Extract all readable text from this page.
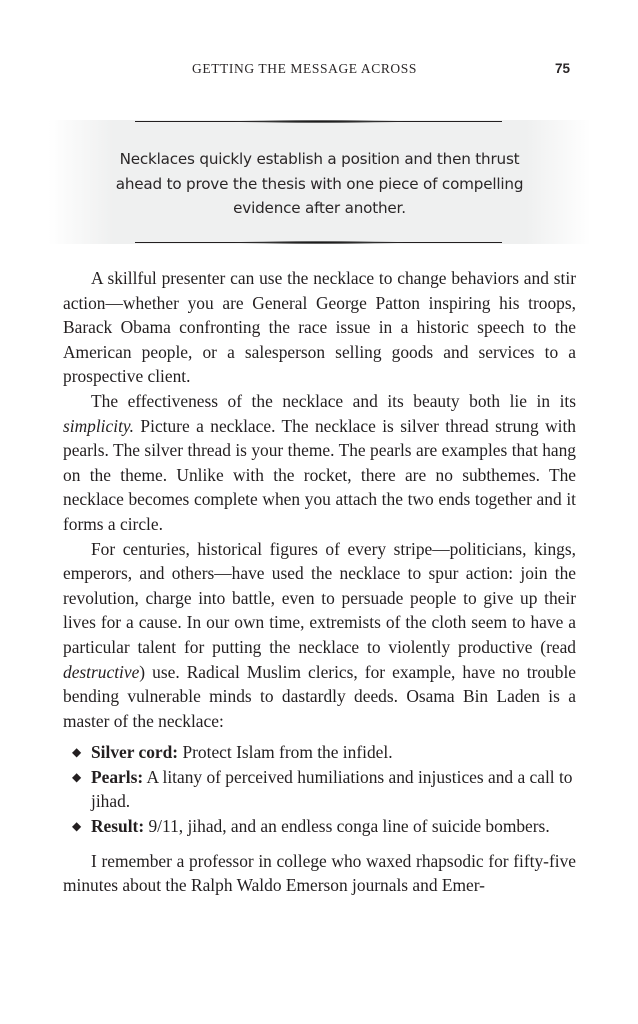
GETTING THE MESSAGE ACROSS	75
Necklaces quickly establish a position and then thrust ahead to prove the thesis with one piece of compelling evidence after another.

A skillful presenter can use the necklace to change behaviors and stir action—whether you are General George Patton inspiring his troops, Barack Obama confronting the race issue in a historic speech to the American people, or a salesperson selling goods and services to a prospective client.

The effectiveness of the necklace and its beauty both lie in its simplicity. Picture a necklace. The necklace is silver thread strung with pearls. The silver thread is your theme. The pearls are examples that hang on the theme. Unlike with the rocket, there are no subthemes. The necklace becomes complete when you attach the two ends together and it forms a circle.

For centuries, historical figures of every stripe—politicians, kings, emperors, and others—have used the necklace to spur action: join the revolution, charge into battle, even to persuade people to give up their lives for a cause. In our own time, extremists of the cloth seem to have a particular talent for putting the necklace to violently productive (read destructive) use. Radical Muslim clerics, for example, have no trouble bending vulnerable minds to dastardly deeds. Osama Bin Laden is a master of the necklace:

◆ Silver cord: Protect Islam from the infidel.
◆ Pearls: A litany of perceived humiliations and injustices and a call to jihad.
◆ Result: 9/11, jihad, and an endless conga line of suicide bombers.

I remember a professor in college who waxed rhapsodic for fifty-five minutes about the Ralph Waldo Emerson journals and Emer-
